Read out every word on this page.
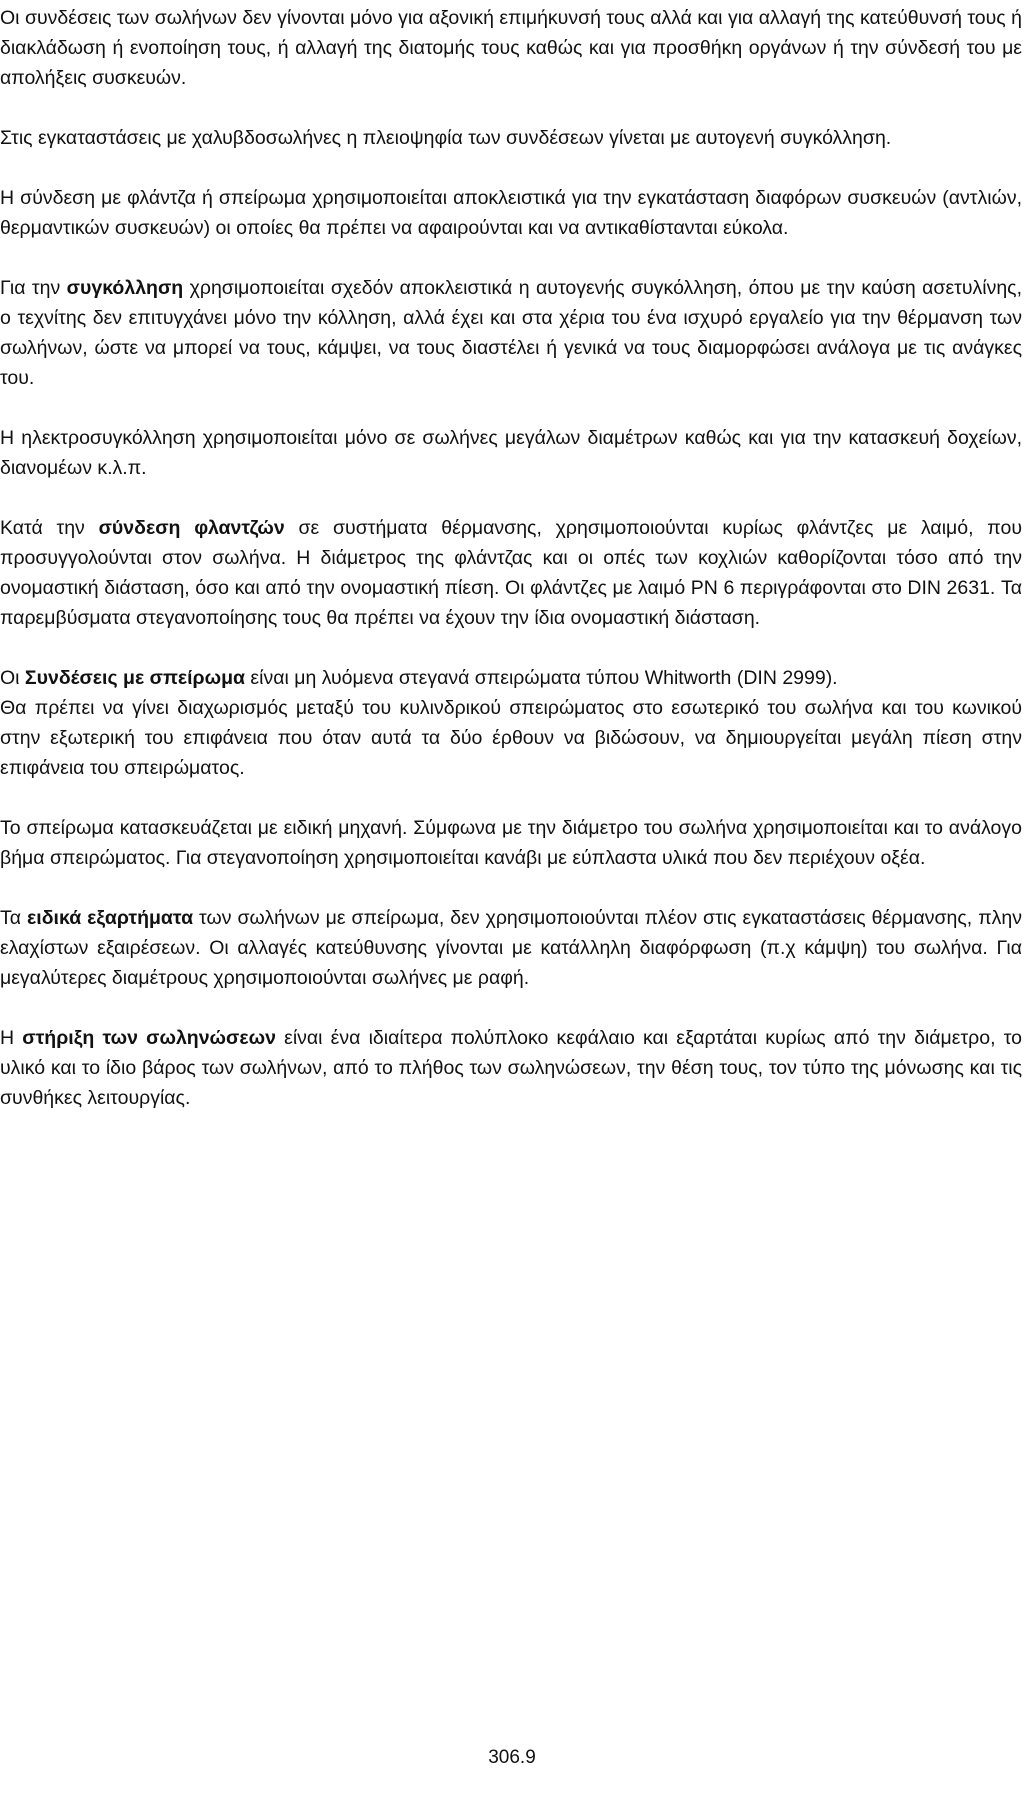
Οι συνδέσεις των σωλήνων δεν γίνονται μόνο για αξονική επιμήκυνσή τους αλλά και για αλλαγή της κατεύθυνσή τους ή διακλάδωση ή ενοποίηση τους, ή αλλαγή της διατομής τους καθώς και για προσθήκη οργάνων ή την σύνδεσή του με απολήξεις συσκευών.

Στις εγκαταστάσεις με χαλυβδοσωλήνες η πλειοψηφία των συνδέσεων γίνεται με αυτογενή συγκόλληση.

Η σύνδεση με φλάντζα ή σπείρωμα χρησιμοποιείται αποκλειστικά για την εγκατάσταση διαφόρων συσκευών (αντλιών, θερμαντικών συσκευών) οι οποίες θα πρέπει να αφαιρούνται και να αντικαθίστανται εύκολα.

Για την συγκόλληση χρησιμοποιείται σχεδόν αποκλειστικά η αυτογενής συγκόλληση, όπου με την καύση ασετυλίνης, ο τεχνίτης δεν επιτυγχάνει μόνο την κόλληση, αλλά έχει και στα χέρια του ένα ισχυρό εργαλείο για την θέρμανση των σωλήνων, ώστε να μπορεί να τους, κάμψει, να τους διαστέλει ή γενικά να τους διαμορφώσει ανάλογα με τις ανάγκες του.

Η ηλεκτροσυγκόλληση χρησιμοποιείται μόνο σε σωλήνες μεγάλων διαμέτρων καθώς και για την κατασκευή δοχείων, διανομέων κ.λ.π.

Κατά την σύνδεση φλαντζών σε συστήματα θέρμανσης, χρησιμοποιούνται κυρίως φλάντζες με λαιμό, που προσυγγολούνται στον σωλήνα. Η διάμετρος της φλάντζας και οι οπές των κοχλιών καθορίζονται τόσο από την ονομαστική διάσταση, όσο και από την ονομαστική πίεση. Οι φλάντζες με λαιμό PN 6 περιγράφονται στο DIN 2631. Τα παρεμβύσματα στεγανοποίησης τους θα πρέπει να έχουν την ίδια ονομαστική διάσταση.

Οι Συνδέσεις με σπείρωμα είναι μη λυόμενα στεγανά σπειρώματα τύπου Whitworth (DIN 2999).

Θα πρέπει να γίνει διαχωρισμός μεταξύ του κυλινδρικού σπειρώματος στο εσωτερικό του σωλήνα και του κωνικού στην εξωτερική του επιφάνεια που όταν αυτά τα δύο έρθουν να βιδώσουν, να δημιουργείται μεγάλη πίεση στην επιφάνεια του σπειρώματος.

Το σπείρωμα κατασκευάζεται με ειδική μηχανή. Σύμφωνα με την διάμετρο του σωλήνα χρησιμοποιείται και το ανάλογο βήμα σπειρώματος. Για στεγανοποίηση χρησιμοποιείται κανάβι με εύπλαστα υλικά που δεν περιέχουν οξέα.

Τα ειδικά εξαρτήματα των σωλήνων με σπείρωμα, δεν χρησιμοποιούνται πλέον στις εγκαταστάσεις θέρμανσης, πλην ελαχίστων εξαιρέσεων. Οι αλλαγές κατεύθυνσης γίνονται με κατάλληλη διαφόρφωση (π.χ κάμψη) του σωλήνα. Για μεγαλύτερες διαμέτρους χρησιμοποιούνται σωλήνες με ραφή.

Η στήριξη των σωληνώσεων είναι ένα ιδιαίτερα πολύπλοκο κεφάλαιο και εξαρτάται κυρίως από την διάμετρο, το υλικό και το ίδιο βάρος των σωλήνων, από το πλήθος των σωληνώσεων, την θέση τους, τον τύπο της μόνωσης και τις συνθήκες λειτουργίας.

306.9
